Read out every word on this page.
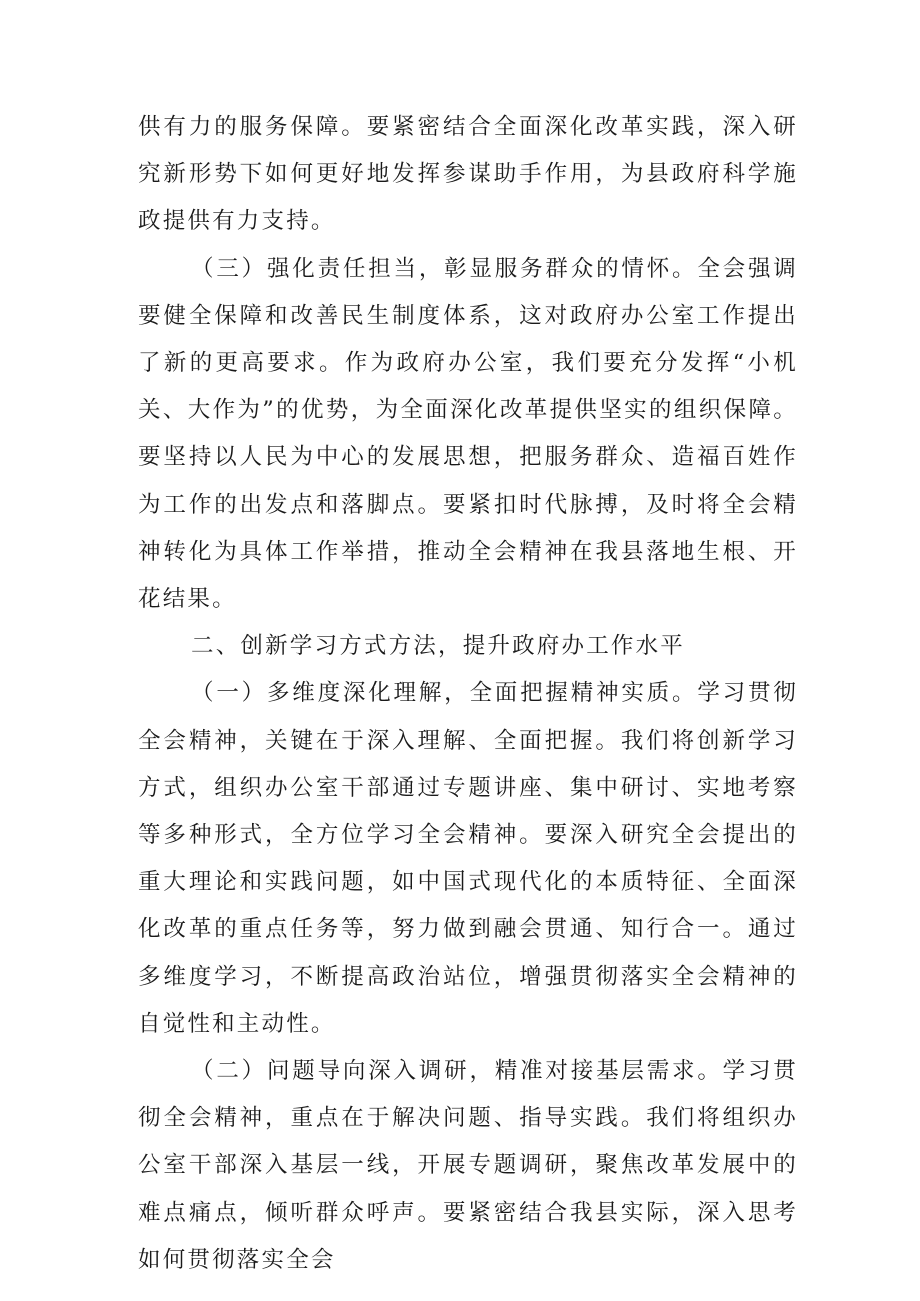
供有力的服务保障。要紧密结合全面深化改革实践，深入研究新形势下如何更好地发挥参谋助手作用，为县政府科学施政提供有力支持。

（三）强化责任担当，彰显服务群众的情怀。全会强调要健全保障和改善民生制度体系，这对政府办公室工作提出了新的更高要求。作为政府办公室，我们要充分发挥“小机关、大作为”的优势，为全面深化改革提供坚实的组织保障。要坚持以人民为中心的发展思想，把服务群众、造福百姓作为工作的出发点和落脚点。要紧扣时代脉搏，及时将全会精神转化为具体工作举措，推动全会精神在我县落地生根、开花结果。

二、创新学习方式方法，提升政府办工作水平

（一）多维度深化理解，全面把握精神实质。学习贯彻全会精神，关键在于深入理解、全面把握。我们将创新学习方式，组织办公室干部通过专题讲座、集中研讨、实地考察等多种形式，全方位学习全会精神。要深入研究全会提出的重大理论和实践问题，如中国式现代化的本质特征、全面深化改革的重点任务等，努力做到融会贯通、知行合一。通过多维度学习，不断提高政治站位，增强贯彻落实全会精神的自觉性和主动性。

（二）问题导向深入调研，精准对接基层需求。学习贯彻全会精神，重点在于解决问题、指导实践。我们将组织办公室干部深入基层一线，开展专题调研，聚焦改革发展中的难点痛点，倾听群众呼声。要紧密结合我县实际，深入思考如何贯彻落实全会
